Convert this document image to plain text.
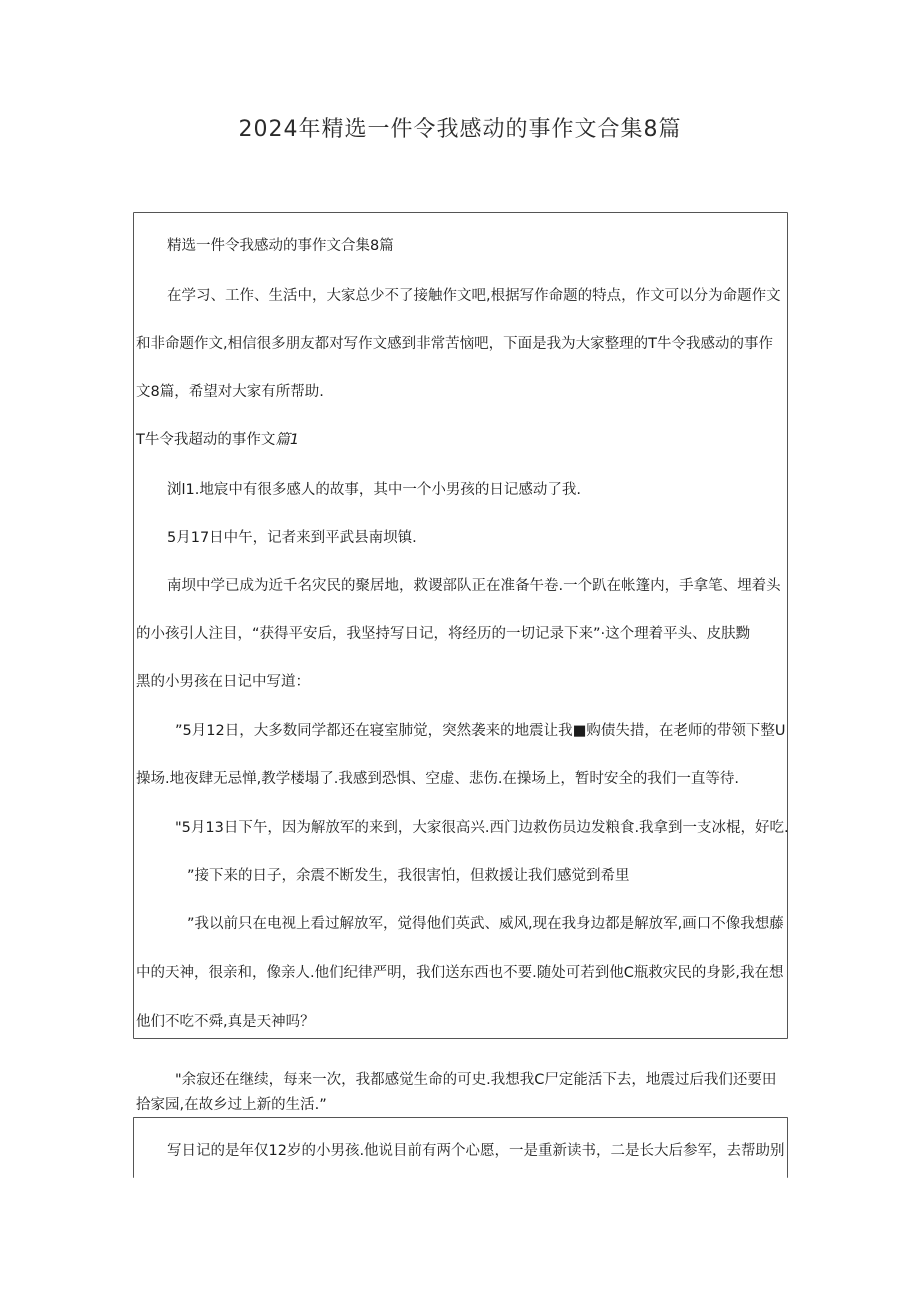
2024年精选一件令我感动的事作文合集8篇
精选一件令我感动的事作文合集8篇
在学习、工作、生活中，大家总少不了接触作文吧,根据写作命题的特点，作文可以分为命题作文
和非命题作文,相信很多朋友都对写作文感到非常苦恼吧，下面是我为大家整理的T牛令我感动的事作
文8篇，希望对大家有所帮助.
T牛令我超动的事作文篇1
浏l1.地宸中有很多感人的故事，其中一个小男孩的日记感动了我.
5月17日中午，记者来到平武县南坝镇.
南坝中学已成为近千名灾民的聚居地，救谡部队正在准备午卷.一个趴在帐篷内，手拿笔、埋着头
的小孩引人注目，“获得平安后，我坚持写日记，将经历的一切记录下来”·这个理着平头、皮肤黝
黑的小男孩在日记中写道：
”5月12日，大多数同学都还在寝室肺觉，突然袭来的地震让我■购债失措，在老师的带领下整U
操场.地夜肆无忌惮,教学楼塌了.我感到恐惧、空虚、悲伤.在操场上，暂时安全的我们一直等待.
"5月13日下午，因为解放军的来到，大家很高兴.西门边救伤员边发粮食.我拿到一支冰棍，好吃.
”接下来的日子，余震不断发生，我很害怕，但救援让我们感觉到希里
”我以前只在电视上看过解放军，觉得他们英武、威风,现在我身边都是解放军,画口不像我想藤
中的天神，很亲和，像亲人.他们纪律严明，我们送东西也不要.随处可若到他C瓶救灾民的身影,我在想
他们不吃不舜,真是天神吗？
"余寂还在继续，每来一次，我都感觉生命的可史.我想我C尸定能活下去，地震过后我们还要田
拾家园,在故乡过上新的生活.”
写日记的是年仅12岁的小男孩.他说目前有两个心愿，一是重新读书，二是长大后参军，去帮助别
